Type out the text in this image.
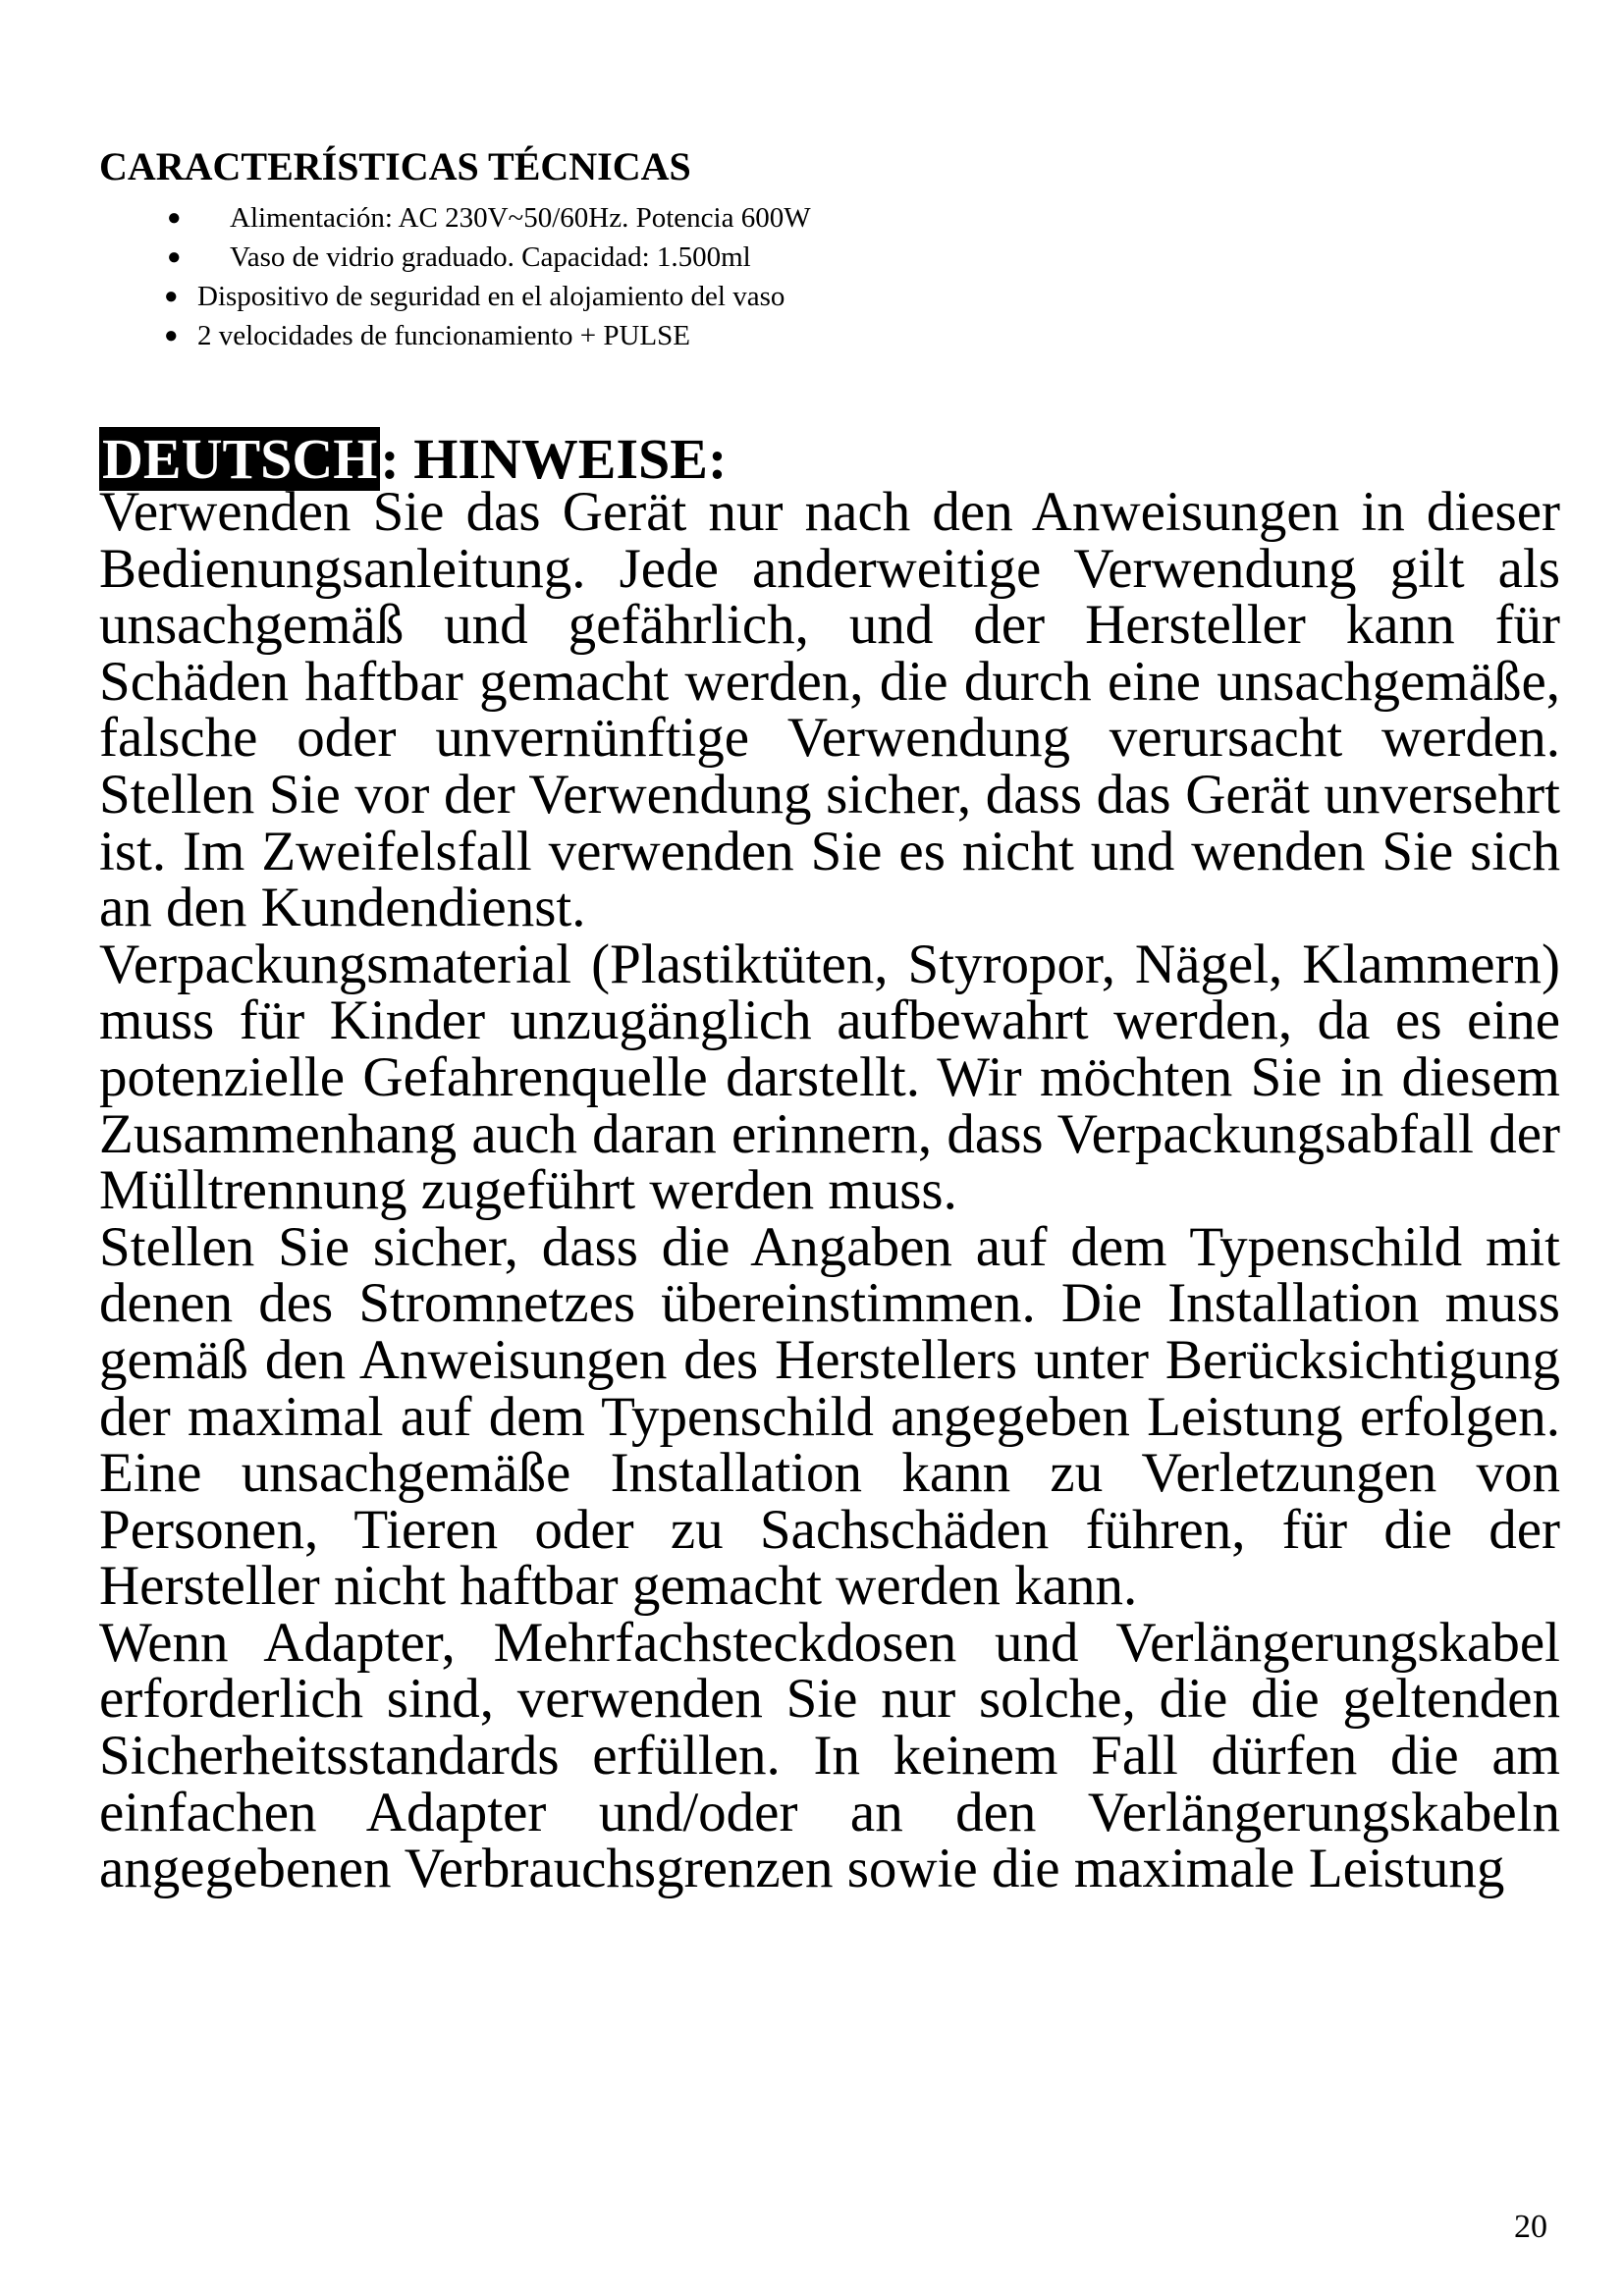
CARACTERÍSTICAS TÉCNICAS
● Alimentación: AC 230V~50/60Hz. Potencia 600W
● Vaso de vidrio graduado. Capacidad: 1.500ml
● Dispositivo de seguridad en el alojamiento del vaso
● 2 velocidades de funcionamiento + PULSE
DEUTSCH: HINWEISE:

Verwenden Sie das Gerät nur nach den Anweisungen in dieser Bedienungsanleitung. Jede anderweitige Verwendung gilt als unsachgemäß und gefährlich, und der Hersteller kann für Schäden haftbar gemacht werden, die durch eine unsachgemäße, falsche oder unvernünftige Verwendung verursacht werden. Stellen Sie vor der Verwendung sicher, dass das Gerät unversehrt ist. Im Zweifelsfall verwenden Sie es nicht und wenden Sie sich an den Kundendienst.

Verpackungsmaterial (Plastiktüten, Styropor, Nägel, Klammern) muss für Kinder unzugänglich aufbewahrt werden, da es eine potenzielle Gefahrenquelle darstellt. Wir möchten Sie in diesem Zusammenhang auch daran erinnern, dass Verpackungsabfall der Mülltrennung zugeführt werden muss.

Stellen Sie sicher, dass die Angaben auf dem Typenschild mit denen des Stromnetzes übereinstimmen. Die Installation muss gemäß den Anweisungen des Herstellers unter Berücksichtigung der maximal auf dem Typenschild angegeben Leistung erfolgen. Eine unsachgemäße Installation kann zu Verletzungen von Personen, Tieren oder zu Sachschäden führen, für die der Hersteller nicht haftbar gemacht werden kann.

Wenn Adapter, Mehrfachsteckdosen und Verlängerungskabel erforderlich sind, verwenden Sie nur solche, die die geltenden Sicherheitsstandards erfüllen. In keinem Fall dürfen die am einfachen Adapter und/oder an den Verlängerungskabeln angegebenen Verbrauchsgrenzen sowie die maximale Leistung

20
